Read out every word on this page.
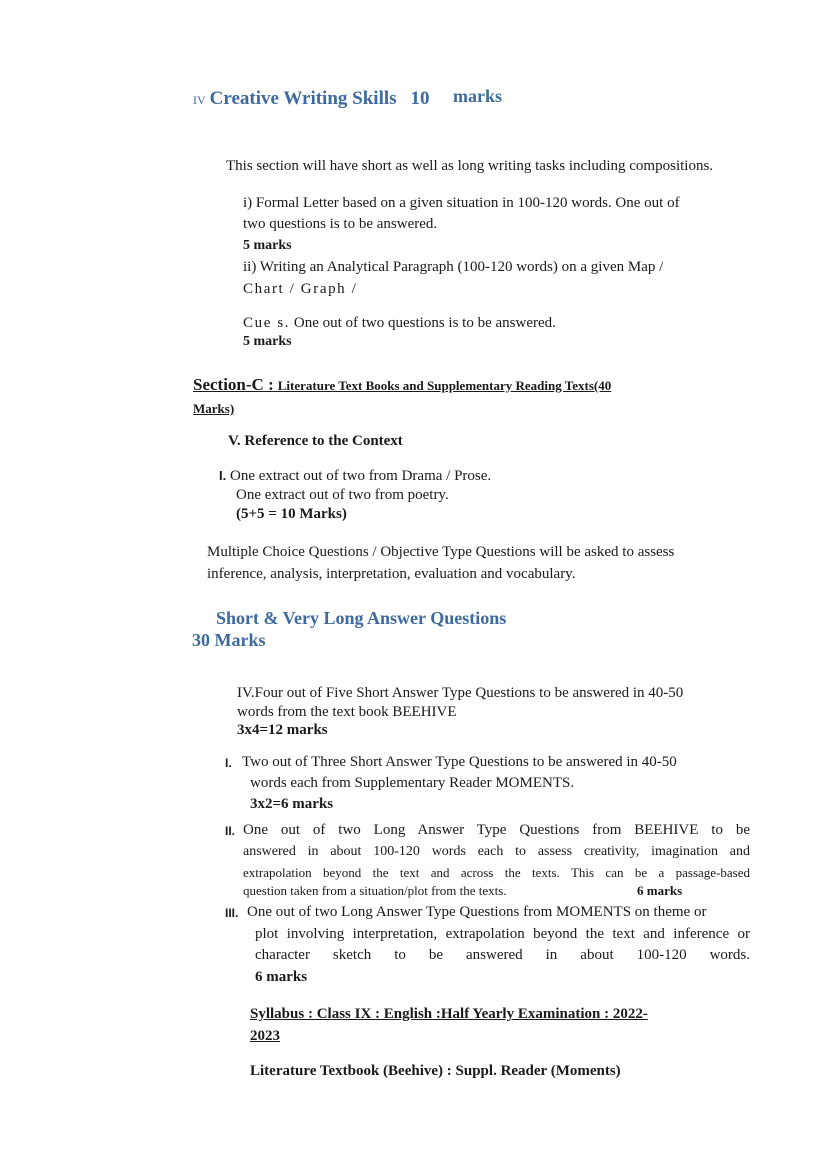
IV Creative Writing Skills 10 marks
This section will have short as well as long writing tasks including compositions.
i) Formal Letter based on a given situation in 100-120 words. One out of
two questions is to be answered.
5 marks
ii) Writing an Analytical Paragraph (100-120 words) on a given Map /
Chart / Graph /
Cue s. One out of two questions is to be answered.
5 marks
Section-C : Literature Text Books and Supplementary Reading Texts(40
Marks)
V. Reference to the Context
I. One extract out of two from Drama / Prose.
One extract out of two from poetry.
(5+5 = 10 Marks)
Multiple Choice Questions / Objective Type Questions will be asked to assess
inference, analysis, interpretation, evaluation and vocabulary.
Short & Very Long Answer Questions
30 Marks
IV.Four out of Five Short Answer Type Questions to be answered in 40-50
words from the text book BEEHIVE
3x4=12 marks
I. Two out of Three Short Answer Type Questions to be answered in 40-50
words each from Supplementary Reader MOMENTS.
3x2=6 marks
II. One out of two Long Answer Type Questions from BEEHIVE to be
answered in about 100-120 words each to assess creativity, imagination and
extrapolation beyond the text and across the texts. This can be a passage-based
question taken from a situation/plot from the texts.	6 marks
III. One out of two Long Answer Type Questions from MOMENTS on theme or
plot involving interpretation, extrapolation beyond the text and inference or
character sketch to be answered in about 100-120 words.
6 marks
Syllabus : Class IX : English :Half Yearly Examination : 2022-
2023
Literature Textbook (Beehive) : Suppl. Reader (Moments)
